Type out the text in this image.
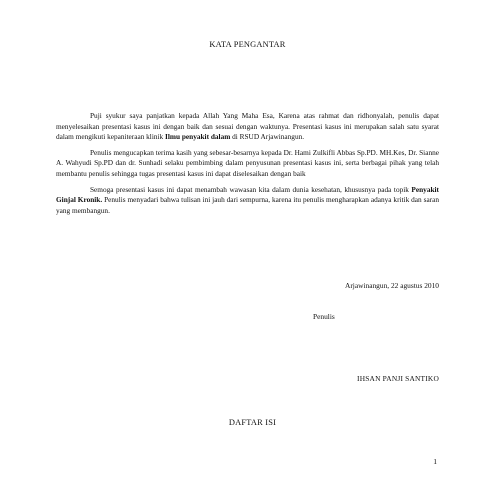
KATA PENGANTAR

Puji syukur saya panjatkan kepada Allah Yang Maha Esa, Karena atas rahmat dan ridhonyalah, penulis dapat menyelesaikan presentasi kasus ini dengan baik dan sesuai dengan waktunya. Presentasi kasus ini merupakan salah satu syarat dalam mengikuti kepaniteraan klinik Ilmu penyakit dalam di RSUD Arjawinangun.

Penulis mengucapkan terima kasih yang sebesar-besarnya kepada Dr. Hami Zulkifli Abbas Sp.PD. MH.Kes, Dr. Sianne A. Wahyudi Sp.PD dan dr. Sunhadi selaku pembimbing dalam penyusunan presentasi kasus ini, serta berbagai pihak yang telah membantu penulis sehingga tugas presentasi kasus ini dapat diselesaikan dengan baik

Semoga presentasi kasus ini dapat menambah wawasan kita dalam dunia kesehatan, khususnya pada topik Penyakit Ginjal Kronik. Penulis menyadari bahwa tulisan ini jauh dari sempurna, karena itu penulis mengharapkan adanya kritik dan saran yang membangun.

Arjawinangun, 22 agustus 2010
Penulis
IHSAN PANJI SANTIKO
DAFTAR ISI
1
